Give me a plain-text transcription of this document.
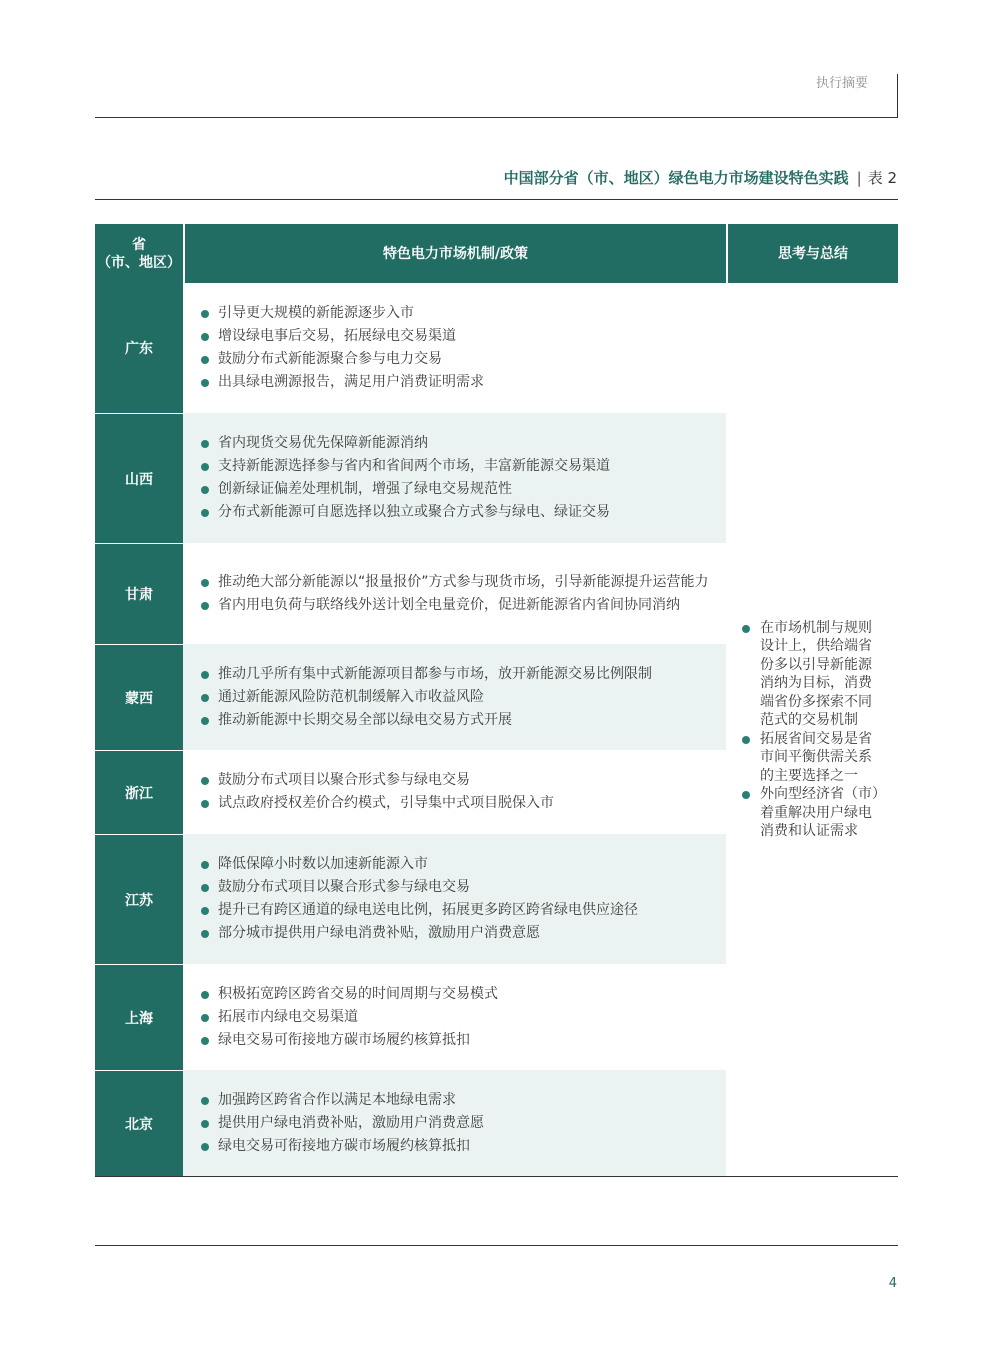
执行摘要
中国部分省（市、地区）绿色电力市场建设特色实践 | 表 2
省
（市、地区）
特色电力市场机制/政策	思考与总结
广东
引导更大规模的新能源逐步入市
增设绿电事后交易，拓展绿电交易渠道
鼓励分布式新能源聚合参与电力交易
出具绿电溯源报告，满足用户消费证明需求
山西
省内现货交易优先保障新能源消纳
支持新能源选择参与省内和省间两个市场，丰富新能源交易渠道
创新绿证偏差处理机制，增强了绿电交易规范性
分布式新能源可自愿选择以独立或聚合方式参与绿电、绿证交易
甘肃
推动绝大部分新能源以“报量报价”方式参与现货市场，引导新能源提升运营能力
省内用电负荷与联络线外送计划全电量竞价，促进新能源省内省间协同消纳
蒙西
推动几乎所有集中式新能源项目都参与市场，放开新能源交易比例限制
通过新能源风险防范机制缓解入市收益风险
推动新能源中长期交易全部以绿电交易方式开展
浙江
鼓励分布式项目以聚合形式参与绿电交易
试点政府授权差价合约模式，引导集中式项目脱保入市
江苏
降低保障小时数以加速新能源入市
鼓励分布式项目以聚合形式参与绿电交易
提升已有跨区通道的绿电送电比例，拓展更多跨区跨省绿电供应途径
部分城市提供用户绿电消费补贴，激励用户消费意愿
上海
积极拓宽跨区跨省交易的时间周期与交易模式
拓展市内绿电交易渠道
绿电交易可衔接地方碳市场履约核算抵扣
北京
加强跨区跨省合作以满足本地绿电需求
提供用户绿电消费补贴，激励用户消费意愿
绿电交易可衔接地方碳市场履约核算抵扣
在市场机制与规则设计上，供给端省份多以引导新能源消纳为目标，消费端省份多探索不同范式的交易机制
拓展省间交易是省市间平衡供需关系的主要选择之一
外向型经济省（市）着重解决用户绿电消费和认证需求
4
